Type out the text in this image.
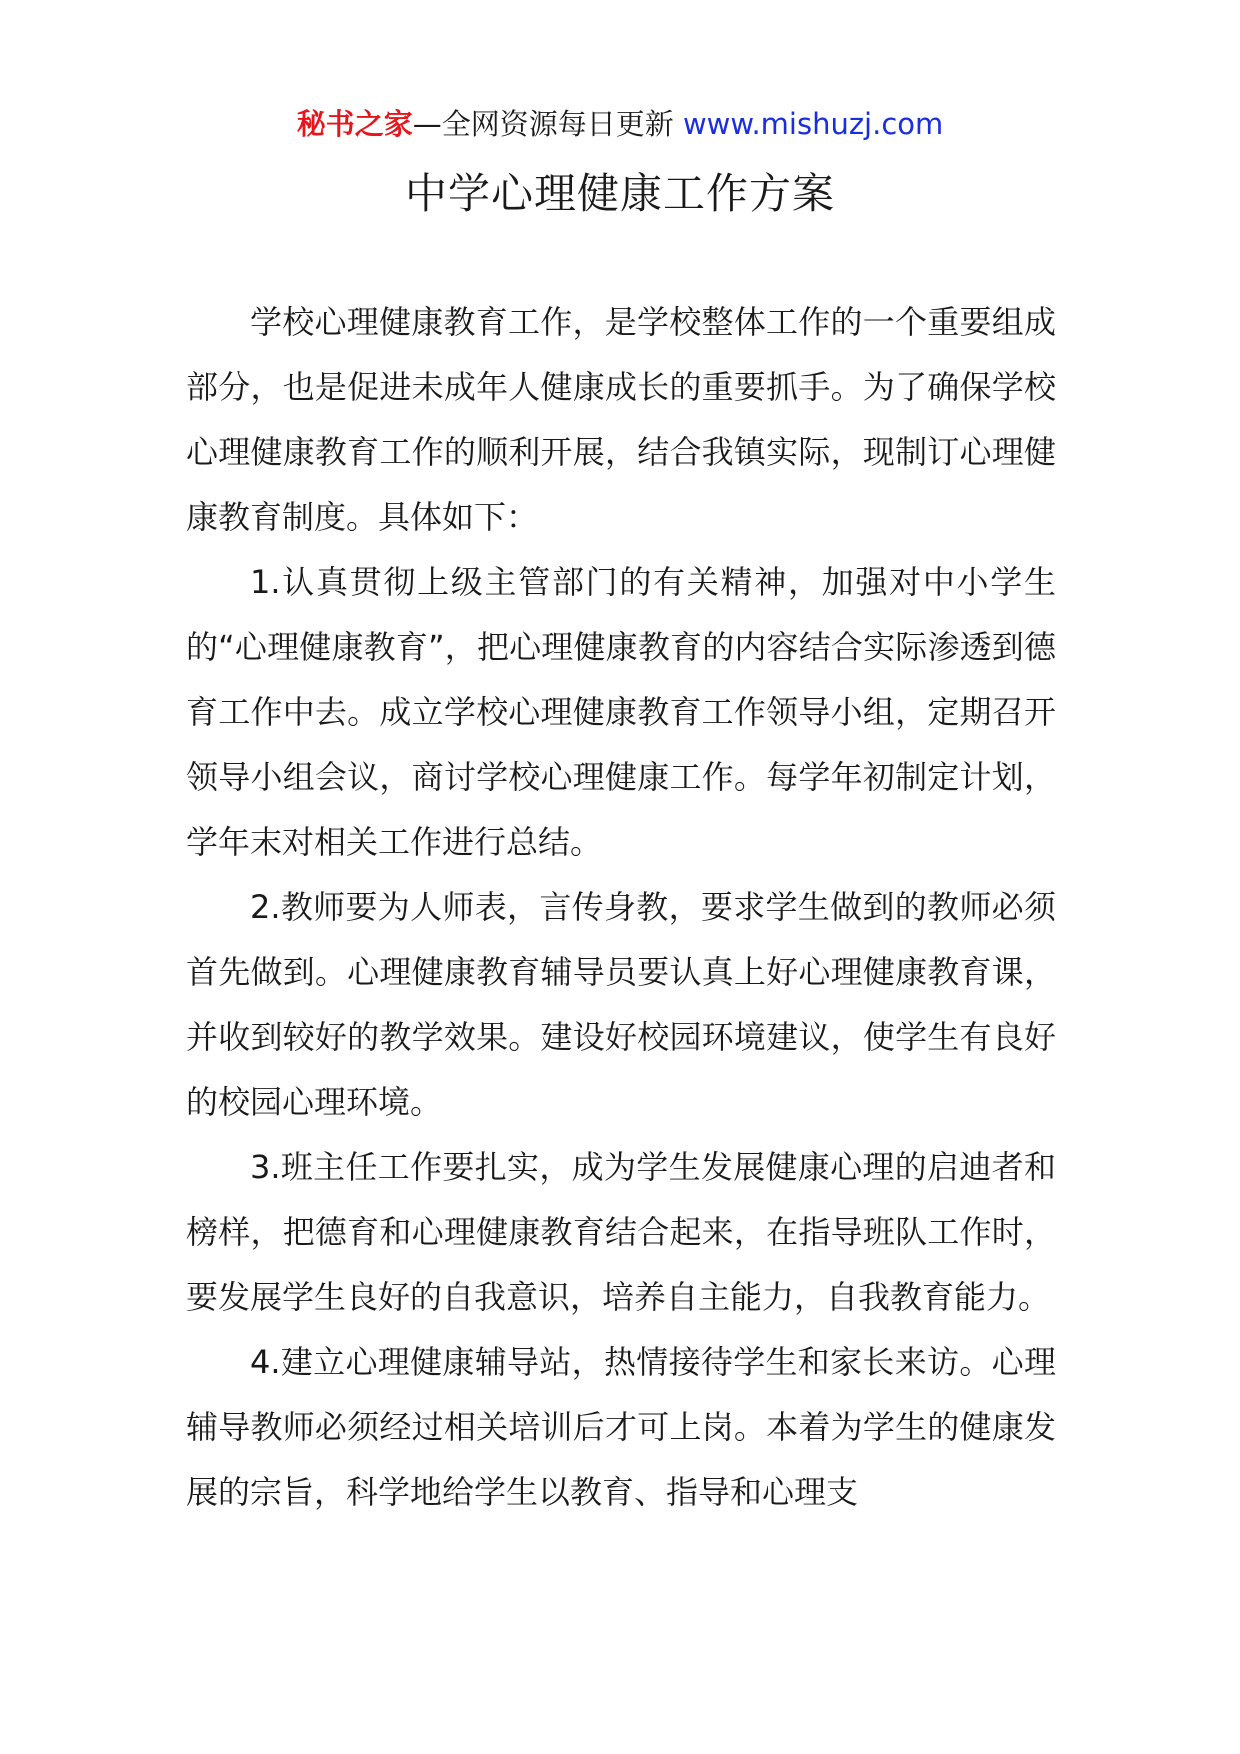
秘书之家—全网资源每日更新 www.mishuzj.com
中学心理健康工作方案

学校心理健康教育工作，是学校整体工作的一个重要组成部分，也是促进未成年人健康成长的重要抓手。为了确保学校心理健康教育工作的顺利开展，结合我镇实际，现制订心理健康教育制度。具体如下：

1.认真贯彻上级主管部门的有关精神，加强对中小学生的“心理健康教育”，把心理健康教育的内容结合实际渗透到德育工作中去。成立学校心理健康教育工作领导小组，定期召开领导小组会议，商讨学校心理健康工作。每学年初制定计划，学年末对相关工作进行总结。

2.教师要为人师表，言传身教，要求学生做到的教师必须首先做到。心理健康教育辅导员要认真上好心理健康教育课，并收到较好的教学效果。建设好校园环境建议，使学生有良好的校园心理环境。

3.班主任工作要扎实，成为学生发展健康心理的启迪者和榜样，把德育和心理健康教育结合起来，在指导班队工作时，要发展学生良好的自我意识，培养自主能力，自我教育能力。

4.建立心理健康辅导站，热情接待学生和家长来访。心理辅导教师必须经过相关培训后才可上岗。本着为学生的健康发展的宗旨，科学地给学生以教育、指导和心理支
